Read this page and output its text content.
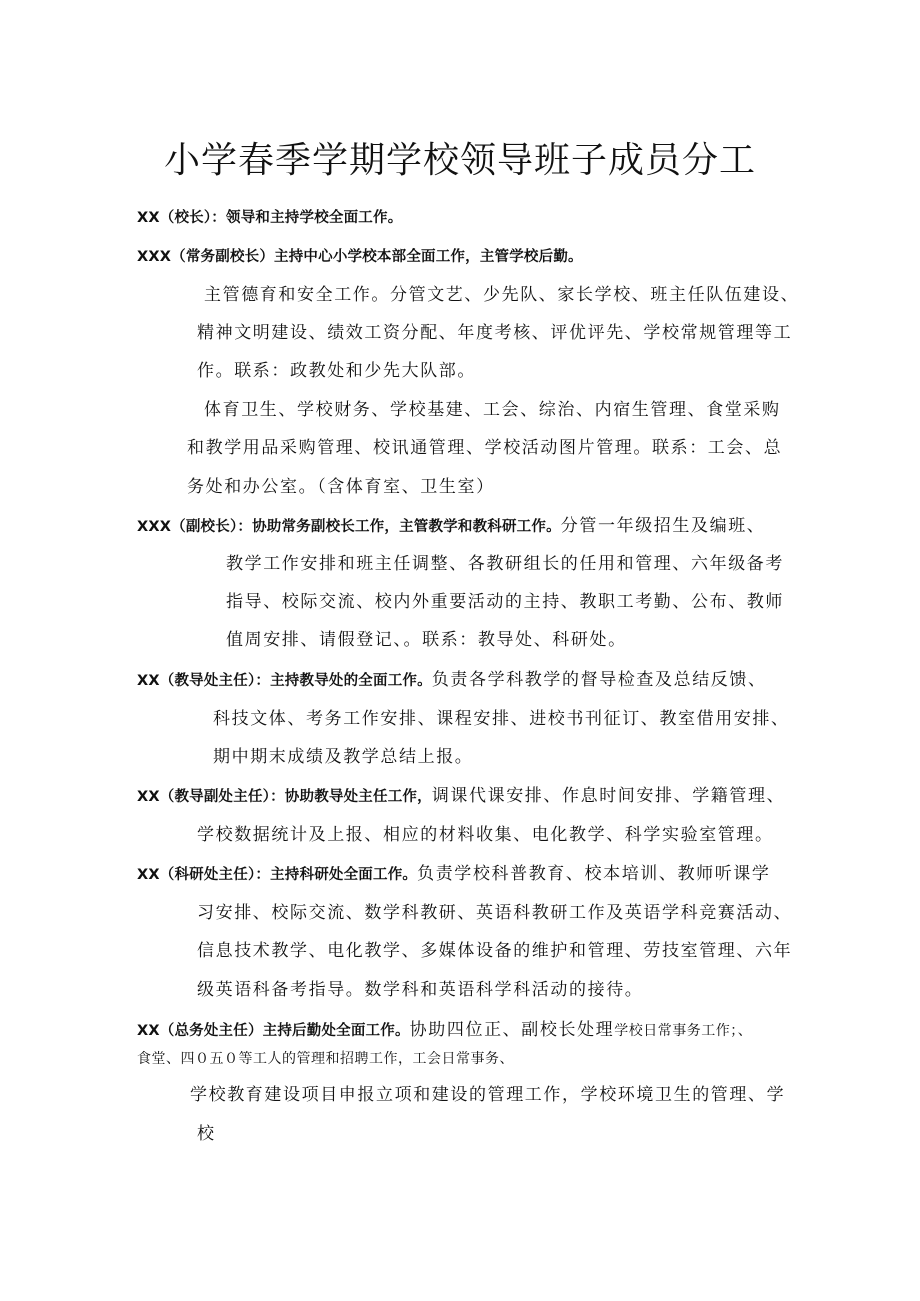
小学春季学期学校领导班子成员分工
XX（校长）：领导和主持学校全面工作。
XXX（常务副校长）主持中心小学校本部全面工作，主管学校后勤。
主管德育和安全工作。分管文艺、少先队、家长学校、班主任队伍建设、
精神文明建设、绩效工资分配、年度考核、评优评先、学校常规管理等工
作。联系：政教处和少先大队部。
体育卫生、学校财务、学校基建、工会、综治、内宿生管理、食堂采购
和教学用品采购管理、校讯通管理、学校活动图片管理。联系：工会、总
务处和办公室。（含体育室、卫生室）
XXX（副校长）：协助常务副校长工作，主管教学和教科研工作。分管一年级招生及编班、
教学工作安排和班主任调整、各教研组长的任用和管理、六年级备考
指导、校际交流、校内外重要活动的主持、教职工考勤、公布、教师
值周安排、请假登记、。联系：教导处、科研处。
XX（教导处主任）：主持教导处的全面工作。负责各学科教学的督导检查及总结反馈、
科技文体、考务工作安排、课程安排、进校书刊征订、教室借用安排、
期中期末成绩及教学总结上报。
XX（教导副处主任）：协助教导处主任工作，调课代课安排、作息时间安排、学籍管理、
学校数据统计及上报、相应的材料收集、电化教学、科学实验室管理。
XX（科研处主任）：主持科研处全面工作。负责学校科普教育、校本培训、教师听课学
习安排、校际交流、数学科教研、英语科教研工作及英语学科竞赛活动、
信息技术教学、电化教学、多媒体设备的维护和管理、劳技室管理、六年
级英语科备考指导。数学科和英语科学科活动的接待。
XX（总务处主任）主持后勤处全面工作。协助四位正、副校长处理学校日常事务工作；、
食堂、四０五０等工人的管理和招聘工作，工会日常事务、
学校教育建设项目申报立项和建设的管理工作，学校环境卫生的管理、学
校
